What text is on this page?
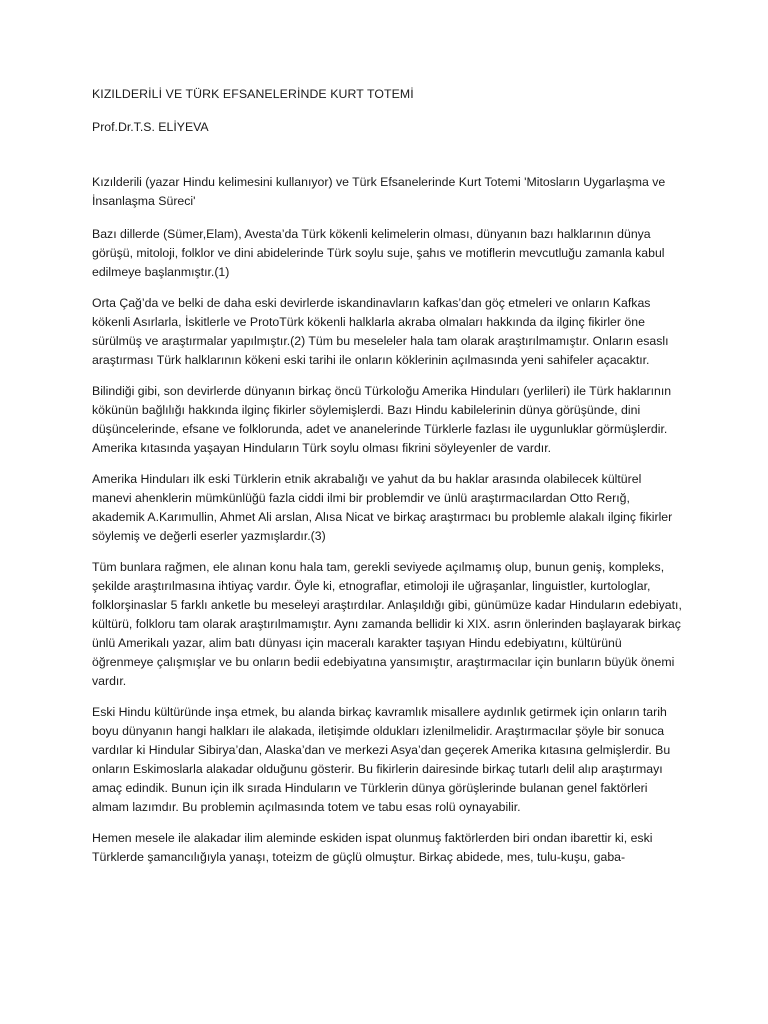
KIZILDERİLİ VE TÜRK EFSANELERİNDE KURT TOTEMİ

Prof.Dr.T.S. ELİYEVA

Kızılderili (yazar Hindu kelimesini kullanıyor) ve Türk Efsanelerinde Kurt Totemi 'Mitosların Uygarlaşma ve İnsanlaşma Süreci'

Bazı dillerde (Sümer,Elam), Avesta’da Türk kökenli kelimelerin olması, dünyanın bazı halklarının dünya görüşü, mitoloji, folklor ve dini abidelerinde Türk soylu suje, şahıs ve motiflerin mevcutluğu zamanla kabul edilmeye başlanmıştır.(1)

Orta Çağ’da ve belki de daha eski devirlerde iskandinavların kafkas’dan göç etmeleri ve onların Kafkas kökenli Asırlarla, İskitlerle ve ProtoTürk kökenli halklarla akraba olmaları hakkında da ilginç fikirler öne sürülmüş ve araştırmalar yapılmıştır.(2) Tüm bu meseleler hala tam olarak araştırılmamıştır. Onların esaslı araştırması Türk halklarının kökeni eski tarihi ile onların köklerinin açılmasında yeni sahifeler açacaktır.

Bilindiği gibi, son devirlerde dünyanın birkaç öncü Türkoloğu Amerika Hinduları (yerlileri) ile Türk haklarının kökünün bağlılığı hakkında ilginç fikirler söylemişlerdi. Bazı Hindu kabilelerinin dünya görüşünde, dini düşüncelerinde, efsane ve folklorunda, adet ve ananelerinde Türklerle fazlası ile uygunluklar görmüşlerdir. Amerika kıtasında yaşayan Hinduların Türk soylu olması fikrini söyleyenler de vardır.

Amerika Hinduları ilk eski Türklerin etnik akrabalığı ve yahut da bu haklar arasında olabilecek kültürel manevi ahenklerin mümkünlüğü fazla ciddi ilmi bir problemdir ve ünlü araştırmacılardan Otto Rerığ, akademik A.Karımullin, Ahmet Ali arslan, Alısa Nicat ve birkaç araştırmacı bu problemle alakalı ilginç fikirler söylemiş ve değerli eserler yazmışlardır.(3)

Tüm bunlara rağmen, ele alınan konu hala tam, gerekli seviyede açılmamış olup, bunun geniş, kompleks, şekilde araştırılmasına ihtiyaç vardır. Öyle ki, etnograflar, etimoloji ile uğraşanlar, linguistler, kurtologlar, folklorşinaslar 5 farklı anketle bu meseleyi araştırdılar. Anlaşıldığı gibi, günümüze kadar Hinduların edebiyatı, kültürü, folkloru tam olarak araştırılmamıştır. Aynı zamanda bellidir ki XIX. asrın önlerinden başlayarak birkaç ünlü Amerikalı yazar, alim batı dünyası için maceralı karakter taşıyan Hindu edebiyatını, kültürünü öğrenmeye çalışmışlar ve bu onların bedii edebiyatına yansımıştır, araştırmacılar için bunların büyük önemi vardır.

Eski Hindu kültüründe inşa etmek, bu alanda birkaç kavramlık misallere aydınlık getirmek için onların tarih boyu dünyanın hangi halkları ile alakada, iletişimde oldukları izlenilmelidir. Araştırmacılar şöyle bir sonuca vardılar ki Hindular Sibirya’dan, Alaska’dan ve merkezi Asya’dan geçerek Amerika kıtasına gelmişlerdir. Bu onların Eskimoslarla alakadar olduğunu gösterir. Bu fikirlerin dairesinde birkaç tutarlı delil alıp araştırmayı amaç edindik. Bunun için ilk sırada Hinduların ve Türklerin dünya görüşlerinde bulanan genel faktörleri almam lazımdır. Bu problemin açılmasında totem ve tabu esas rolü oynayabilir.

Hemen mesele ile alakadar ilim aleminde eskiden ispat olunmuş faktörlerden biri ondan ibarettir ki, eski Türklerde şamancılığıyla yanaşı, toteizm de güçlü olmuştur. Birkaç abidede, mes, tulu-kuşu, gaba-
